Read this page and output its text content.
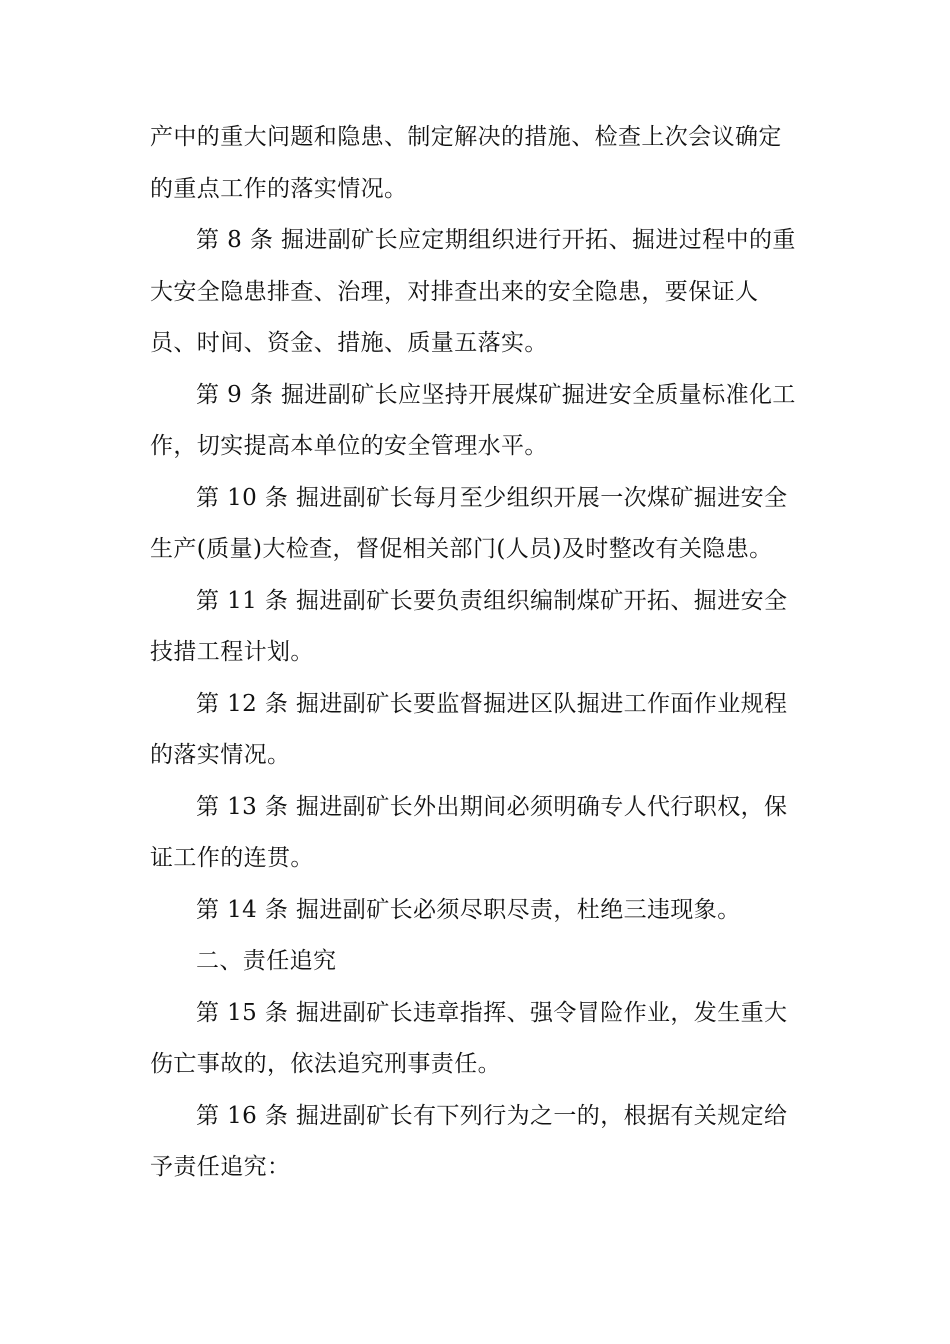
产中的重大问题和隐患、制定解决的措施、检查上次会议确定的重点工作的落实情况。

第 8 条 掘进副矿长应定期组织进行开拓、掘进过程中的重大安全隐患排查、治理，对排查出来的安全隐患，要保证人员、时间、资金、措施、质量五落实。

第 9 条 掘进副矿长应坚持开展煤矿掘进安全质量标准化工作，切实提高本单位的安全管理水平。

第 10 条 掘进副矿长每月至少组织开展一次煤矿掘进安全生产(质量)大检查，督促相关部门(人员)及时整改有关隐患。

第 11 条 掘进副矿长要负责组织编制煤矿开拓、掘进安全技措工程计划。

第 12 条 掘进副矿长要监督掘进区队掘进工作面作业规程的落实情况。

第 13 条 掘进副矿长外出期间必须明确专人代行职权，保证工作的连贯。

第 14 条 掘进副矿长必须尽职尽责，杜绝三违现象。

二、责任追究

第 15 条 掘进副矿长违章指挥、强令冒险作业，发生重大伤亡事故的，依法追究刑事责任。

第 16 条 掘进副矿长有下列行为之一的，根据有关规定给予责任追究：
